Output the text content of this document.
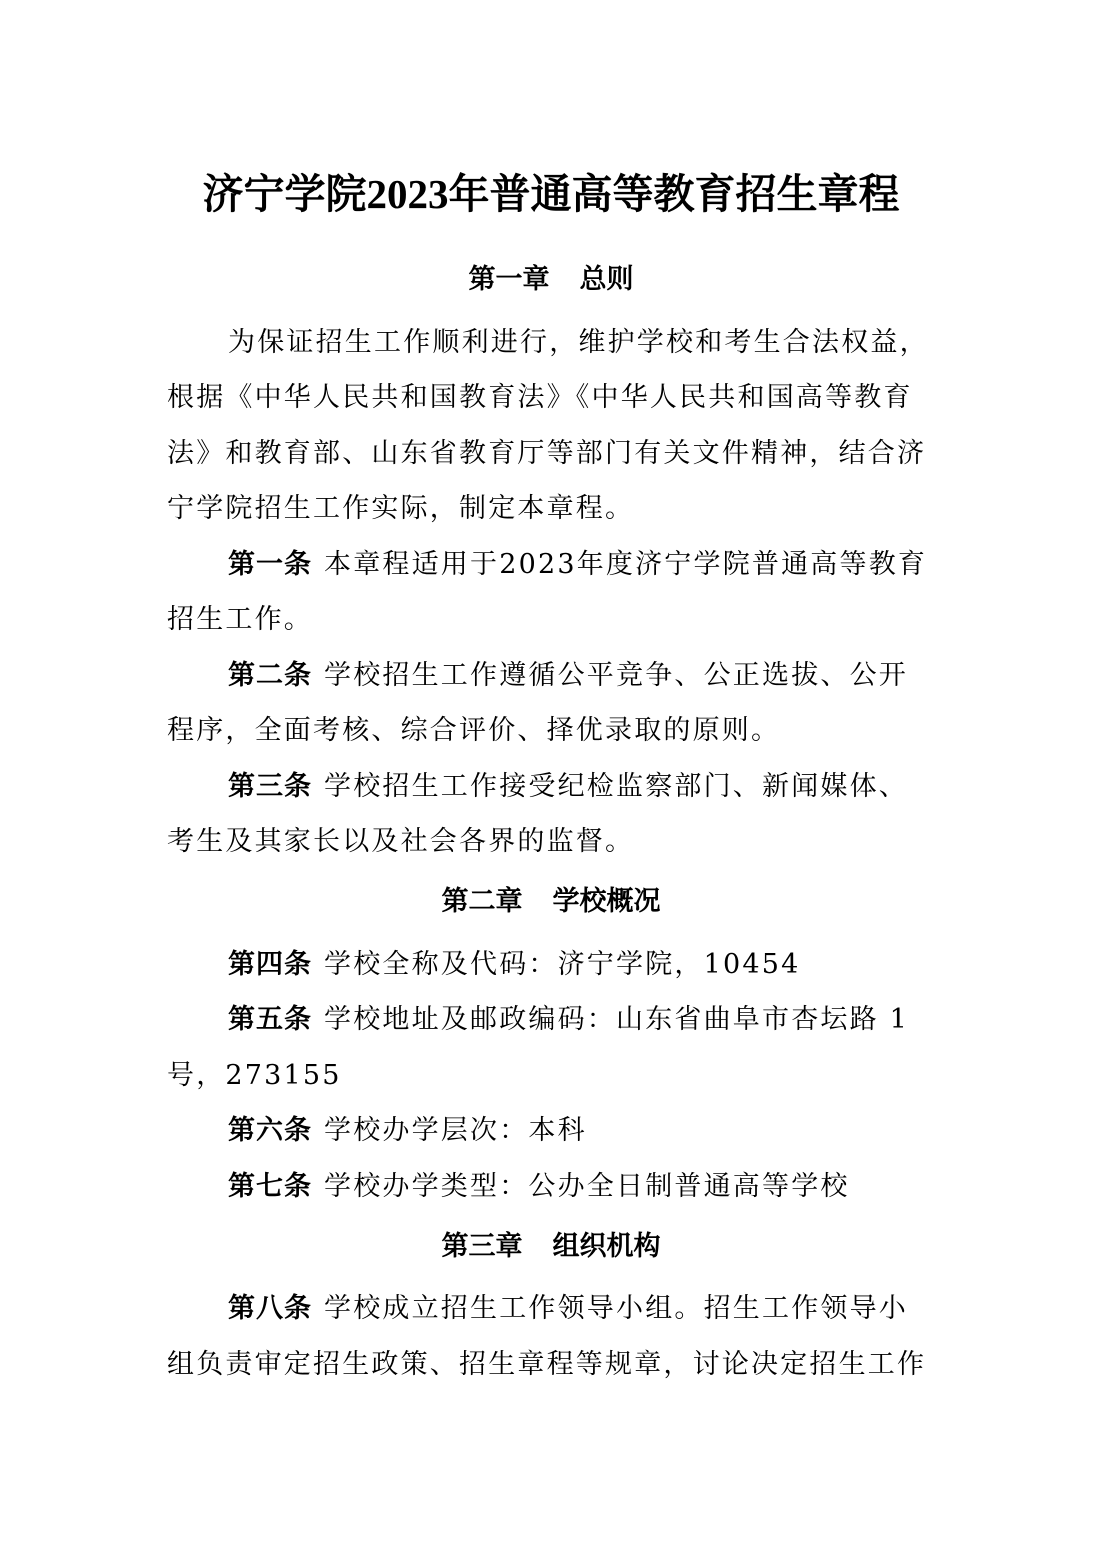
济宁学院2023年普通高等教育招生章程
第一章 总则
为保证招生工作顺利进行，维护学校和考生合法权益，
根据《中华人民共和国教育法》《中华人民共和国高等教育
法》和教育部、山东省教育厅等部门有关文件精神，结合济
宁学院招生工作实际，制定本章程。
第一条 本章程适用于2023年度济宁学院普通高等教育
招生工作。
第二条 学校招生工作遵循公平竞争、公正选拔、公开
程序，全面考核、综合评价、择优录取的原则。
第三条 学校招生工作接受纪检监察部门、新闻媒体、
考生及其家长以及社会各界的监督。
第二章 学校概况
第四条 学校全称及代码：济宁学院，10454
第五条 学校地址及邮政编码：山东省曲阜市杏坛路 1
号，273155
第六条 学校办学层次：本科
第七条 学校办学类型：公办全日制普通高等学校
第三章 组织机构
第八条 学校成立招生工作领导小组。招生工作领导小
组负责审定招生政策、招生章程等规章，讨论决定招生工作
